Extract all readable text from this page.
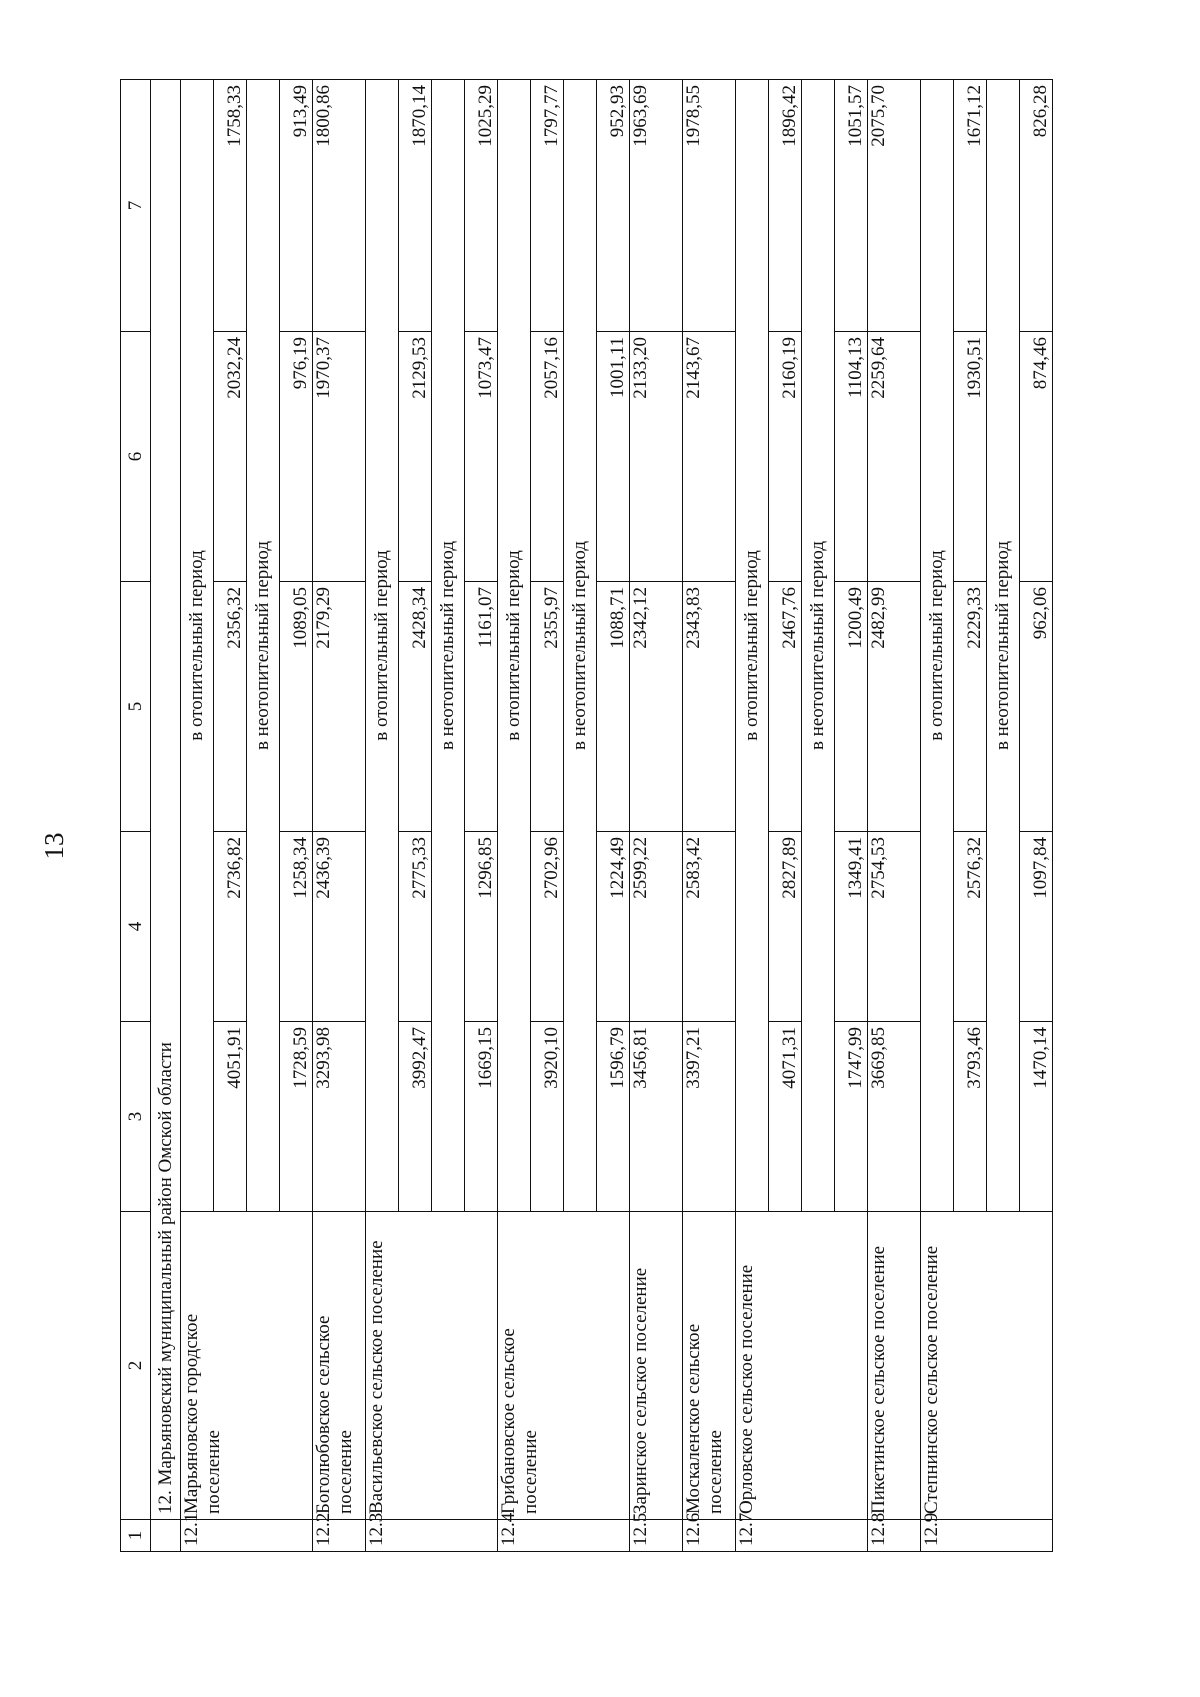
13
1	2	3	4	5	6	7
	12. Марьяновский муниципальный район Омской области					
12.1	Марьяновское городское
поселение	в отопительный период				
		4051,91	2736,82	2356,32	2032,24	1758,33
		в неотопительный период				
		1728,59	1258,34	1089,05	976,19	913,49
12.2	Боголюбовское сельское
поселение	3293,98	2436,39	2179,29	1970,37	1800,86
12.3	Васильевское сельское поселение	в отопительный период				
		3992,47	2775,33	2428,34	2129,53	1870,14
		в неотопительный период				
		1669,15	1296,85	1161,07	1073,47	1025,29
12.4	Грибановское сельское
поселение	в отопительный период				
		3920,10	2702,96	2355,97	2057,16	1797,77
		в неотопительный период				
		1596,79	1224,49	1088,71	1001,11	952,93
12.5	Заринское сельское поселение	3456,81	2599,22	2342,12	2133,20	1963,69
12.6	Москаленское сельское
поселение	3397,21	2583,42	2343,83	2143,67	1978,55
12.7	Орловское сельское поселение	в отопительный период				
		4071,31	2827,89	2467,76	2160,19	1896,42
		в неотопительный период				
		1747,99	1349,41	1200,49	1104,13	1051,57
12.8	Пикетинское сельское поселение	3669,85	2754,53	2482,99	2259,64	2075,70
12.9	Степнинское сельское поселение	в отопительный период				
		3793,46	2576,32	2229,33	1930,51	1671,12
		в неотопительный период				
		1470,14	1097,84	962,06	874,46	826,28
